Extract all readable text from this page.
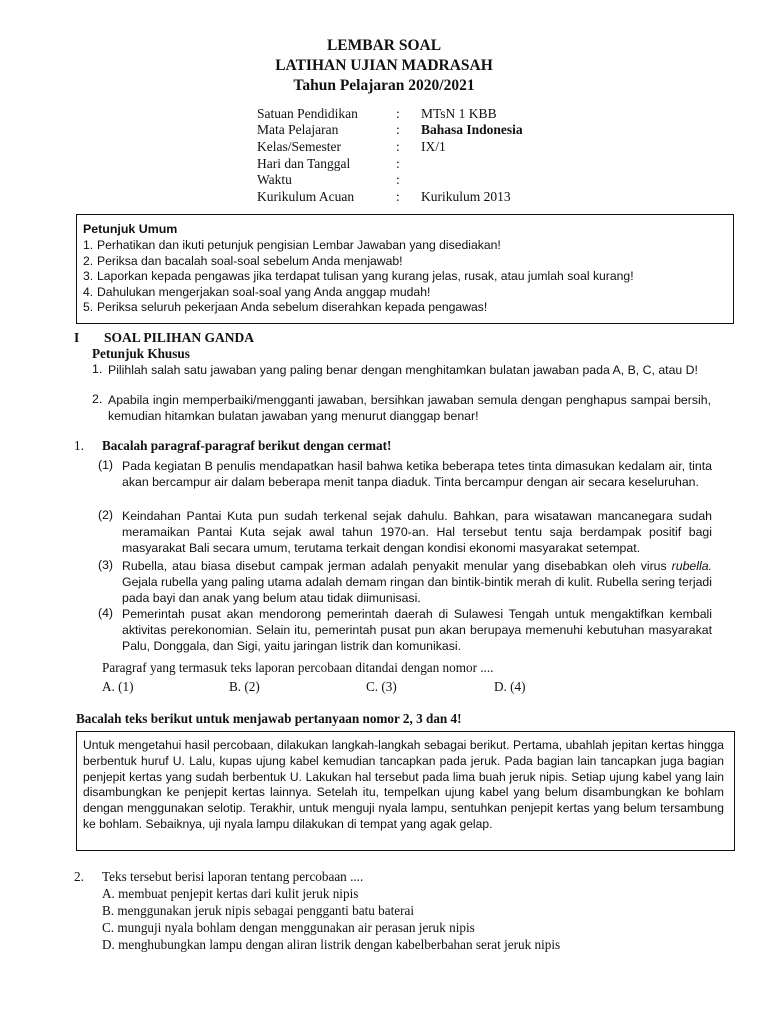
LEMBAR SOAL
LATIHAN UJIAN MADRASAH
Tahun Pelajaran 2020/2021
Satuan Pendidikan	: MTsN 1 KBB
Mata Pelajaran	: Bahasa Indonesia
Kelas/Semester	: IX/1
Hari dan Tanggal	:
Waktu	:
Kurikulum Acuan	: Kurikulum 2013
Petunjuk Umum
1. Perhatikan dan ikuti petunjuk pengisian Lembar Jawaban yang disediakan!
2. Periksa dan bacalah soal-soal sebelum Anda menjawab!
3. Laporkan kepada pengawas jika terdapat tulisan yang kurang jelas, rusak, atau jumlah soal kurang!
4. Dahulukan mengerjakan soal-soal yang Anda anggap mudah!
5. Periksa seluruh pekerjaan Anda sebelum diserahkan kepada pengawas!
I SOAL PILIHAN GANDA
Petunjuk Khusus
1. Pilihlah salah satu jawaban yang paling benar dengan menghitamkan bulatan jawaban pada A, B, C, atau D!
2. Apabila ingin memperbaiki/mengganti jawaban, bersihkan jawaban semula dengan penghapus sampai bersih, kemudian hitamkan bulatan jawaban yang menurut dianggap benar!
1. Bacalah paragraf-paragraf berikut dengan cermat!
(1) Pada kegiatan B penulis mendapatkan hasil bahwa ketika beberapa tetes tinta dimasukan kedalam air, tinta akan bercampur air dalam beberapa menit tanpa diaduk. Tinta bercampur dengan air secara keseluruhan.
(2) Keindahan Pantai Kuta pun sudah terkenal sejak dahulu. Bahkan, para wisatawan mancanegara sudah meramaikan Pantai Kuta sejak awal tahun 1970-an. Hal tersebut tentu saja berdampak positif bagi masyarakat Bali secara umum, terutama terkait dengan kondisi ekonomi masyarakat setempat.
(3) Rubella, atau biasa disebut campak jerman adalah penyakit menular yang disebabkan oleh virus rubella. Gejala rubella yang paling utama adalah demam ringan dan bintik-bintik merah di kulit. Rubella sering terjadi pada bayi dan anak yang belum atau tidak diimunisasi.
(4) Pemerintah pusat akan mendorong pemerintah daerah di Sulawesi Tengah untuk mengaktifkan kembali aktivitas perekonomian. Selain itu, pemerintah pusat pun akan berupaya memenuhi kebutuhan masyarakat Palu, Donggala, dan Sigi, yaitu jaringan listrik dan komunikasi.
Paragraf yang termasuk teks laporan percobaan ditandai dengan nomor ....
A. (1)	B. (2)	C. (3)	D. (4)
Bacalah teks berikut untuk menjawab pertanyaan nomor 2, 3 dan 4!
Untuk mengetahui hasil percobaan, dilakukan langkah-langkah sebagai berikut. Pertama, ubahlah jepitan kertas hingga berbentuk huruf U. Lalu, kupas ujung kabel kemudian tancapkan pada jeruk. Pada bagian lain tancapkan juga bagian penjepit kertas yang sudah berbentuk U. Lakukan hal tersebut pada lima buah jeruk nipis. Setiap ujung kabel yang lain disambungkan ke penjepit kertas lainnya. Setelah itu, tempelkan ujung kabel yang belum disambungkan ke bohlam dengan menggunakan selotip. Terakhir, untuk menguji nyala lampu, sentuhkan penjepit kertas yang belum tersambung ke bohlam. Sebaiknya, uji nyala lampu dilakukan di tempat yang agak gelap.
2. Teks tersebut berisi laporan tentang percobaan ....
A. membuat penjepit kertas dari kulit jeruk nipis
B. menggunakan jeruk nipis sebagai pengganti batu baterai
C. munguji nyala bohlam dengan menggunakan air perasan jeruk nipis
D. menghubungkan lampu dengan aliran listrik dengan kabelberbahan serat jeruk nipis
